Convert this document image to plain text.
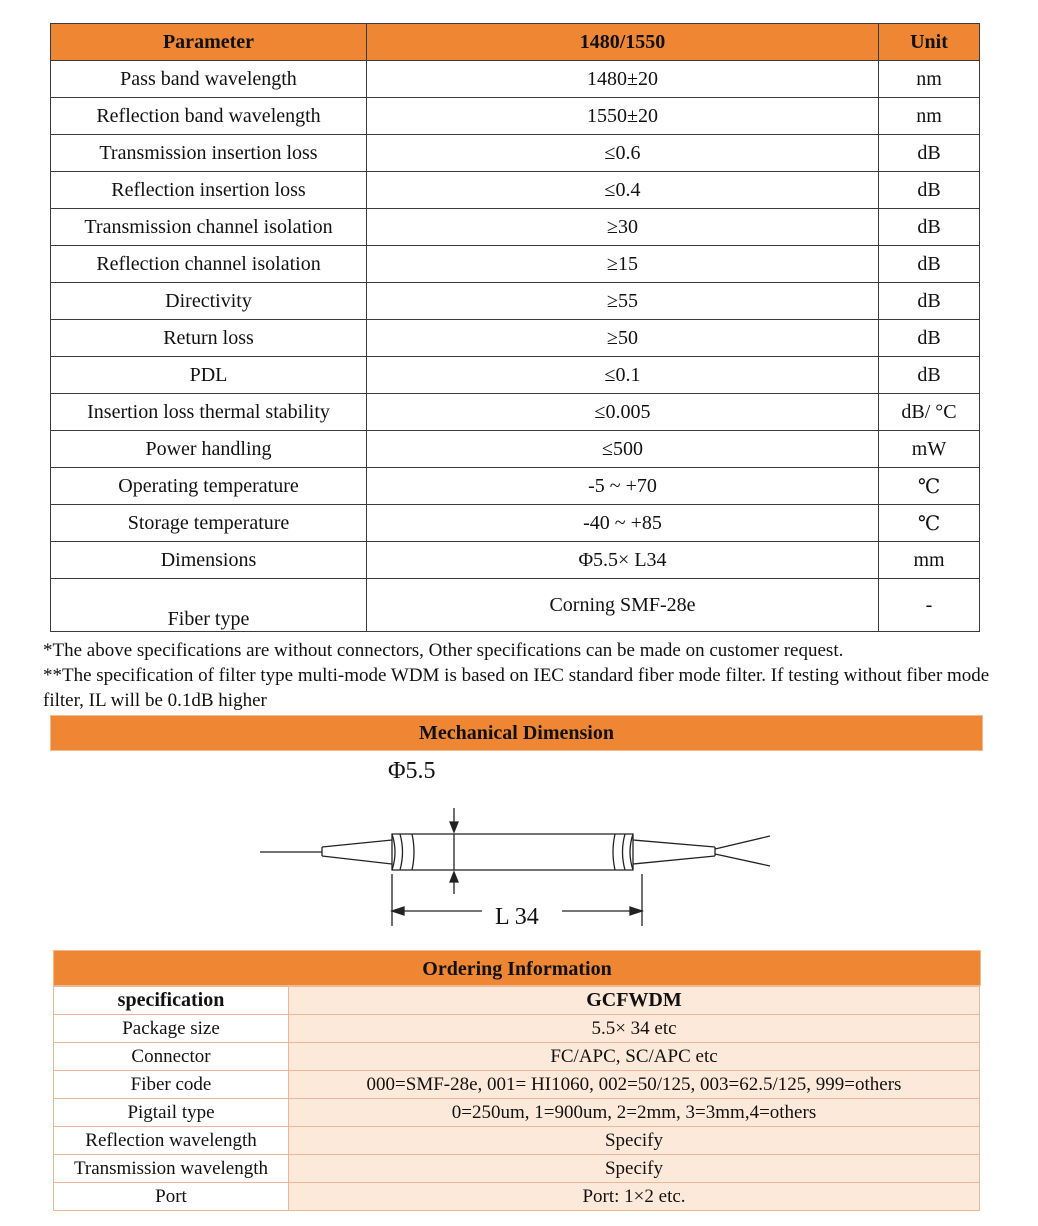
Parameter	1480/1550	Unit
Pass band wavelength	1480±20	nm
Reflection band wavelength	1550±20	nm
Transmission insertion loss	≤0.6	dB
Reflection insertion loss	≤0.4	dB
Transmission channel isolation	≥30	dB
Reflection channel isolation	≥15	dB
Directivity	≥55	dB
Return loss	≥50	dB
PDL	≤0.1	dB
Insertion loss thermal stability	≤0.005	dB/ °C
Power handling	≤500	mW
Operating temperature	-5 ~ +70	℃
Storage temperature	-40 ~ +85	℃
Dimensions	Φ5.5× L34	mm
Fiber type	Corning SMF-28e	-

*The above specifications are without connectors, Other specifications can be made on customer request.

**The specification of filter type multi-mode WDM is based on IEC standard fiber mode filter. If testing without fiber mode filter, IL will be 0.1dB higher

Mechanical Dimension
Φ5.5
L 34
Ordering Information
specification	GCFWDM
Package size	5.5× 34 etc
Connector	FC/APC, SC/APC etc
Fiber code	000=SMF-28e, 001= HI1060, 002=50/125, 003=62.5/125, 999=others
Pigtail type	0=250um, 1=900um, 2=2mm, 3=3mm,4=others
Reflection wavelength	Specify
Transmission wavelength	Specify
Port	Port: 1×2 etc.
